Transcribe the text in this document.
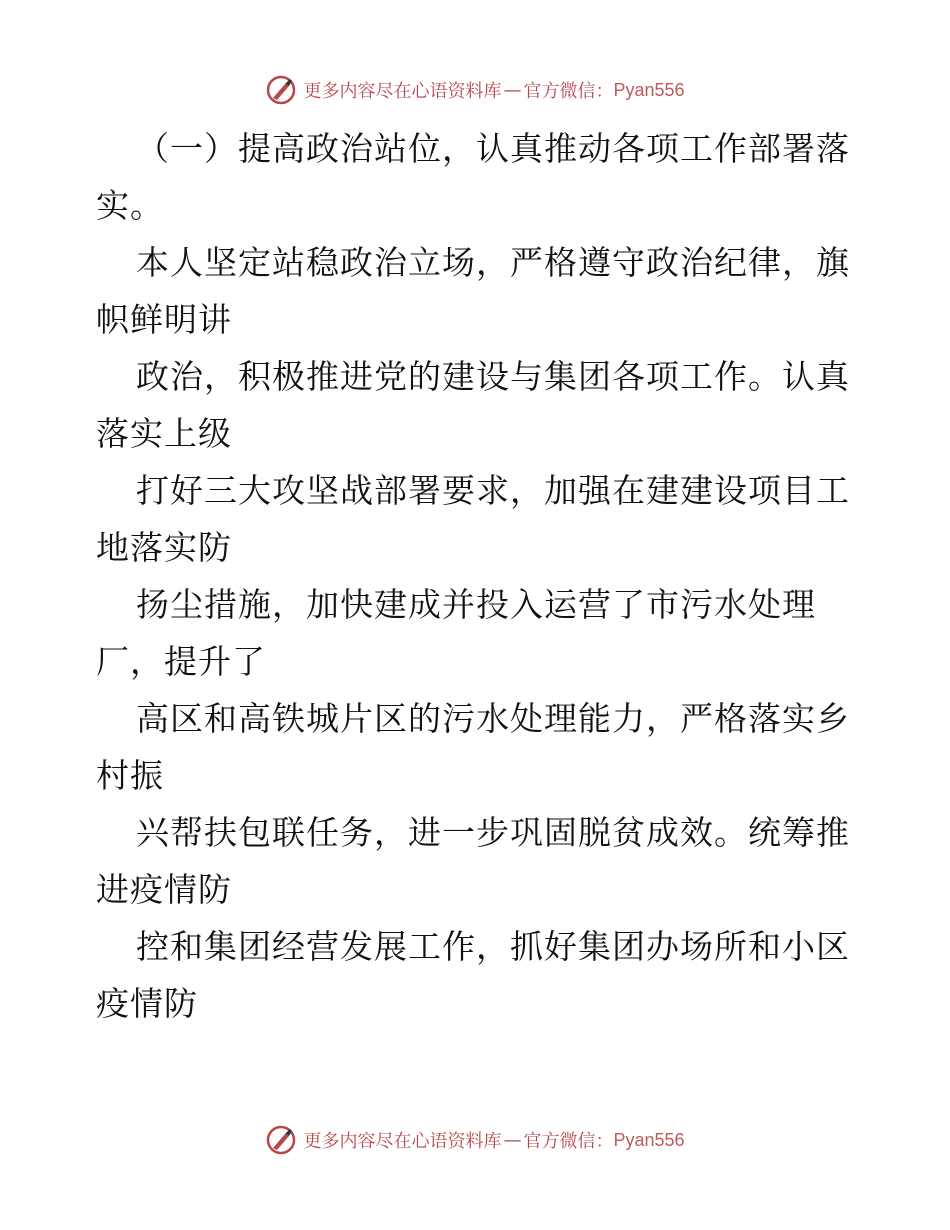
更多内容尽在心语资料库 — 官方微信： Pyan556

（一）提高政治站位，认真推动各项工作部署落实。

本人坚定站稳政治立场，严格遵守政治纪律，旗帜鲜明讲

政治，积极推进党的建设与集团各项工作。认真落实上级

打好三大攻坚战部署要求，加强在建建设项目工地落实防

扬尘措施，加快建成并投入运营了市污水处理厂，提升了

高区和高铁城片区的污水处理能力，严格落实乡村振

兴帮扶包联任务，进一步巩固脱贫成效。统筹推进疫情防

控和集团经营发展工作，抓好集团办场所和小区疫情防

更多内容尽在心语资料库 — 官方微信： Pyan556
